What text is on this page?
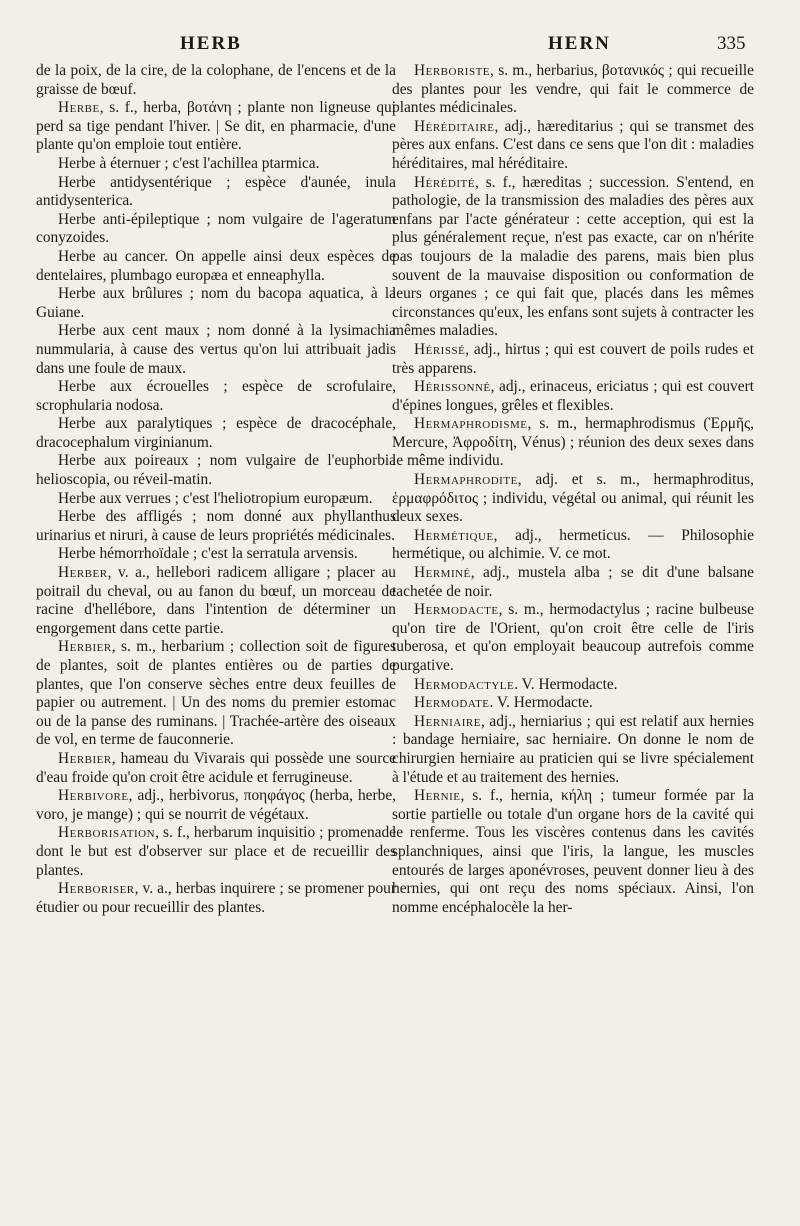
HERB	HERN	335

de la poix, de la cire, de la colophane, de l'encens et de la graisse de bœuf.

Herbe, s. f., herba, βοτάνη ; plante non ligneuse qui perd sa tige pendant l'hiver. | Se dit, en pharmacie, d'une plante qu'on emploie tout entière.

Herbe à éternuer ; c'est l'achillea ptarmica.

Herbe antidysentérique ; espèce d'aunée, inula antidysenterica.

Herbe anti-épileptique ; nom vulgaire de l'ageratum conyzoides.

Herbe au cancer. On appelle ainsi deux espèces de dentelaires, plumbago europæa et enneaphylla.

Herbe aux brûlures ; nom du bacopa aquatica, à la Guiane.

Herbe aux cent maux ; nom donné à la lysimachia nummularia, à cause des vertus qu'on lui attribuait jadis dans une foule de maux.

Herbe aux écrouelles ; espèce de scrofulaire, scrophularia nodosa.

Herbe aux paralytiques ; espèce de dracocéphale, dracocephalum virginianum.

Herbe aux poireaux ; nom vulgaire de l'euphorbia helioscopia, ou réveil-matin.

Herbe aux verrues ; c'est l'heliotropium europæum.

Herbe des affligés ; nom donné aux phyllanthus urinarius et niruri, à cause de leurs propriétés médicinales.

Herbe hémorrhoïdale ; c'est la serratula arvensis.

Herber, v. a., hellebori radicem alligare ; placer au poitrail du cheval, ou au fanon du bœuf, un morceau de racine d'hellébore, dans l'intention de déterminer un engorgement dans cette partie.

Herbier, s. m., herbarium ; collection soit de figures de plantes, soit de plantes entières ou de parties de plantes, que l'on conserve sèches entre deux feuilles de papier ou autrement. | Un des noms du premier estomac ou de la panse des ruminans. | Trachée-artère des oiseaux de vol, en terme de fauconnerie.

Herbier, hameau du Vivarais qui possède une source d'eau froide qu'on croit être acidule et ferrugineuse.

Herbivore, adj., herbivorus, ποηφάγος (herba, herbe, voro, je mange) ; qui se nourrit de végétaux.

Herborisation, s. f., herbarum inquisitio ; promenade dont le but est d'observer sur place et de recueillir des plantes.

Herboriser, v. a., herbas inquirere ; se promener pour étudier ou pour recueillir des plantes.

Herboriste, s. m., herbarius, βοτανικός ; qui recueille des plantes pour les vendre, qui fait le commerce de plantes médicinales.

Héréditaire, adj., hæreditarius ; qui se transmet des pères aux enfans. C'est dans ce sens que l'on dit : maladies héréditaires, mal héréditaire.

Hérédité, s. f., hæreditas ; succession. S'entend, en pathologie, de la transmission des maladies des pères aux enfans par l'acte générateur : cette acception, qui est la plus généralement reçue, n'est pas exacte, car on n'hérite pas toujours de la maladie des parens, mais bien plus souvent de la mauvaise disposition ou conformation de leurs organes ; ce qui fait que, placés dans les mêmes circonstances qu'eux, les enfans sont sujets à contracter les mêmes maladies.

Hérissé, adj., hirtus ; qui est couvert de poils rudes et très apparens.

Hérissonné, adj., erinaceus, ericiatus ; qui est couvert d'épines longues, grêles et flexibles.

Hermaphrodisme, s. m., hermaphrodismus (Ἑρμῆς, Mercure, Ἀφροδίτη, Vénus) ; réunion des deux sexes dans le même individu.

Hermaphrodite, adj. et s. m., hermaphroditus, ἑρμαφρόδιτος ; individu, végétal ou animal, qui réunit les deux sexes.

Hermétique, adj., hermeticus. — Philosophie hermétique, ou alchimie. V. ce mot.

Herminé, adj., mustela alba ; se dit d'une balsane tachetée de noir.

Hermodacte, s. m., hermodactylus ; racine bulbeuse qu'on tire de l'Orient, qu'on croit être celle de l'iris tuberosa, et qu'on employait beaucoup autrefois comme purgative.

Hermodactyle. V. Hermodacte.

Hermodate. V. Hermodacte.

Herniaire, adj., herniarius ; qui est relatif aux hernies : bandage herniaire, sac herniaire. On donne le nom de chirurgien herniaire au praticien qui se livre spécialement à l'étude et au traitement des hernies.

Hernie, s. f., hernia, κήλη ; tumeur formée par la sortie partielle ou totale d'un organe hors de la cavité qui le renferme. Tous les viscères contenus dans les cavités splanchniques, ainsi que l'iris, la langue, les muscles entourés de larges aponévroses, peuvent donner lieu à des hernies, qui ont reçu des noms spéciaux. Ainsi, l'on nomme encéphalocèle la her-
